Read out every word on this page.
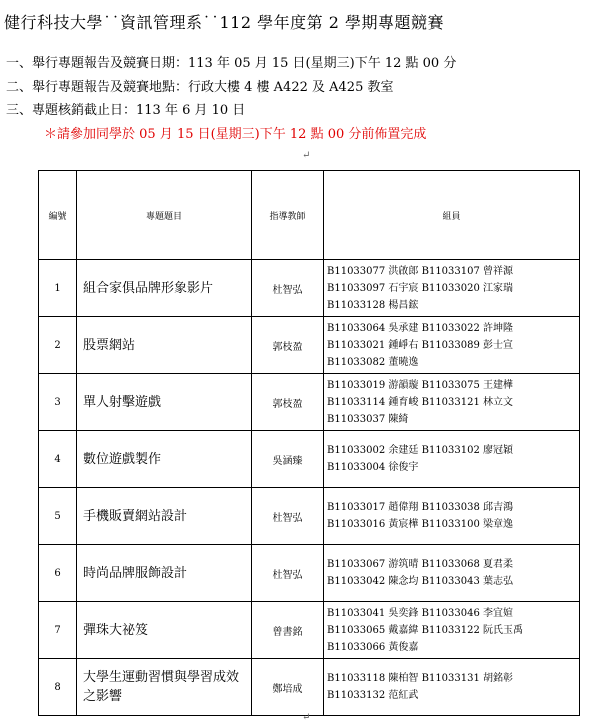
健行科技大學˙˙資訊管理系˙˙112 學年度第 2 學期專題競賽
一、舉行專題報告及競賽日期：113 年 05 月 15 日(星期三)下午 12 點 00 分
二、舉行專題報告及競賽地點：行政大樓 4 樓 A422 及 A425 教室
三、專題核銷截止日：113 年 6 月 10 日
＊請參加同學於 05 月 15 日(星期三)下午 12 點 00 分前佈置完成
↵
編號	專題題目	指導教師	組員
1	組合家俱品牌形象影片	杜智弘	B11033077 洪啟郎 B11033107 曾祥源
B11033097 石宇宸 B11033020 江家瑞
B11033128 楊昌鋐

2	股票網站	郭枝盈	B11033064 吳承建 B11033022 許坤隆
B11033021 鍾崢右 B11033089 彭士宣
B11033082 董曉逸

3	單人射擊遊戲	郭枝盈	B11033019 游韻璇 B11033075 王建樺
B11033114 鍾育峻 B11033121 林立文
B11033037 陳綺

4	數位遊戲製作	吳涵臻	B11033002 余建廷 B11033102 廖冠穎
B11033004 徐俊宇

5	手機販賣網站設計	杜智弘	B11033017 趙偉翔 B11033038 邱吉鴻
B11033016 黃宸樺 B11033100 梁章逸

6	時尚品牌服飾設計	杜智弘	B11033067 游筑晴 B11033068 夏君柔
B11033042 陳念均 B11033043 葉志弘

7	彈珠大祕笈	曾書銘	B11033041 吳奕鋒 B11033046 李宜媗
B11033065 戴嘉緯 B11033122 阮氏玉禹
B11033066 黃俊嘉

8	大學生運動習慣與學習成效之影響	鄭培成	B11033118 陳柏智 B11033131 胡銘彰
B11033132 范紅武
↵
